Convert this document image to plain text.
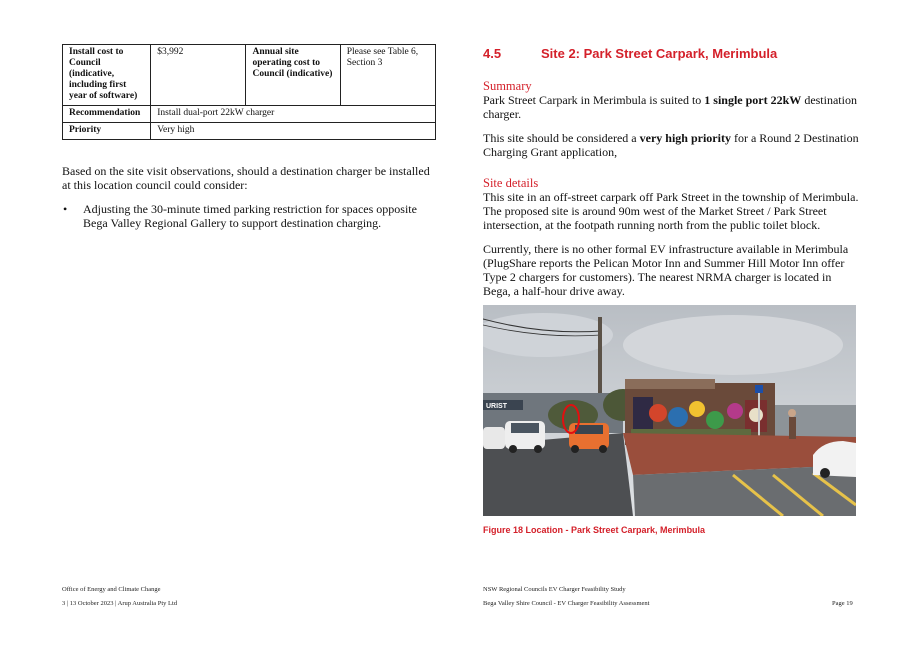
Install cost to Council (indicative, including first year of software)	$3,992	Annual site operating cost to Council (indicative)	Please see Table 6, Section 3
Recommendation	Install dual-port 22kW charger		
Priority	Very high		

Based on the site visit observations, should a destination charger be installed at this location council could consider:

•	Adjusting the 30-minute timed parking restriction for spaces opposite Bega Valley Regional Gallery to support destination charging.
Office of Energy and Climate Change
3 | 13 October 2023 | Arup Australia Pty Ltd
4.5	Site 2: Park Street Carpark, Merimbula

Summary

Park Street Carpark in Merimbula is suited to 1 single port 22kW destination charger.

This site should be considered a very high priority for a Round 2 Destination Charging Grant application,

Site details

This site in an off-street carpark off Park Street in the township of Merimbula. The proposed site is around 90m west of the Market Street / Park Street intersection, at the footpath running north from the public toilet block.

Currently, there is no other formal EV infrastructure available in Merimbula (PlugShare reports the Pelican Motor Inn and Summer Hill Motor Inn offer Type 2 chargers for customers). The nearest NRMA charger is located in Bega, a half-hour drive away.

URIST
Figure 18 Location - Park Street Carpark, Merimbula
NSW Regional Councils EV Charger Feasibility Study
Bega Valley Shire Council - EV Charger Feasibility Assessment	Page 19
